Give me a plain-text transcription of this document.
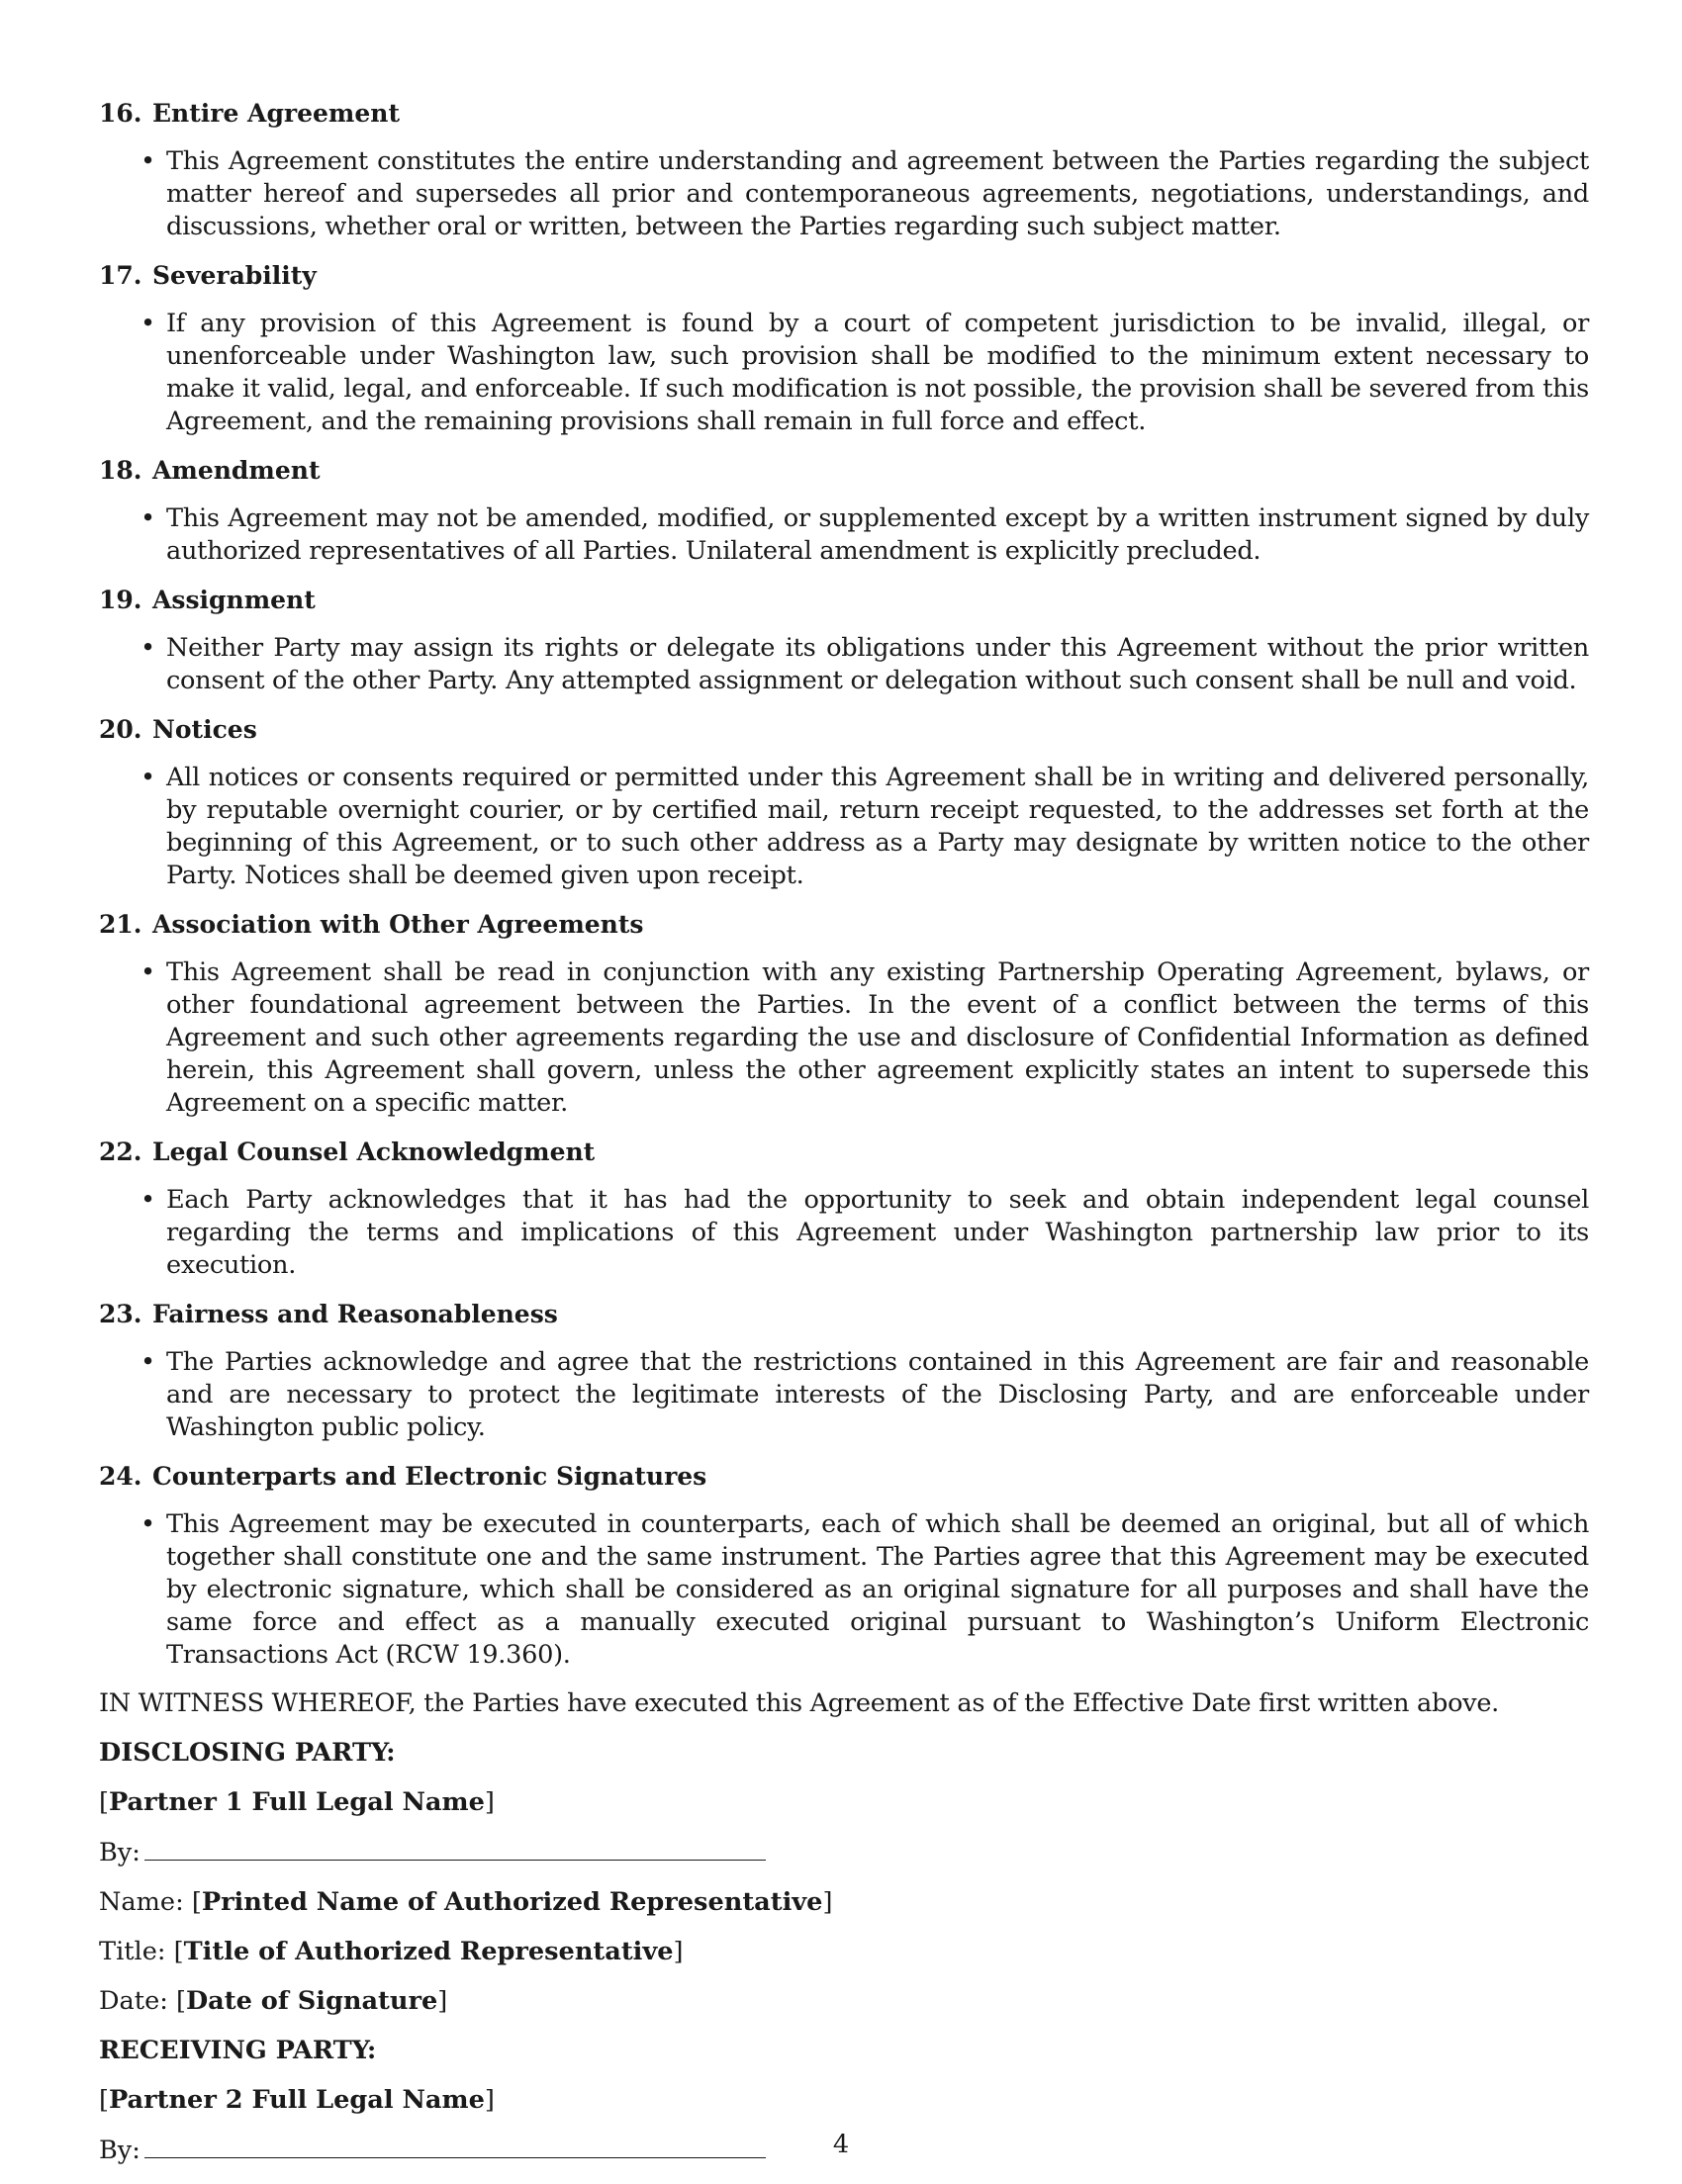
16. Entire Agreement
• This Agreement constitutes the entire understanding and agreement between the Parties regarding the subject matter hereof and supersedes all prior and contemporaneous agreements, negotiations, understandings, and discussions, whether oral or written, between the Parties regarding such subject matter.
17. Severability
• If any provision of this Agreement is found by a court of competent jurisdiction to be invalid, illegal, or unenforceable under Washington law, such provision shall be modified to the minimum extent necessary to make it valid, legal, and enforceable. If such modification is not possible, the provision shall be severed from this Agreement, and the remaining provisions shall remain in full force and effect.
18. Amendment
• This Agreement may not be amended, modified, or supplemented except by a written instrument signed by duly authorized representatives of all Parties. Unilateral amendment is explicitly precluded.
19. Assignment
• Neither Party may assign its rights or delegate its obligations under this Agreement without the prior written consent of the other Party. Any attempted assignment or delegation without such consent shall be null and void.
20. Notices
• All notices or consents required or permitted under this Agreement shall be in writing and delivered personally, by reputable overnight courier, or by certified mail, return receipt requested, to the addresses set forth at the beginning of this Agreement, or to such other address as a Party may designate by written notice to the other Party. Notices shall be deemed given upon receipt.
21. Association with Other Agreements
• This Agreement shall be read in conjunction with any existing Partnership Operating Agreement, bylaws, or other foundational agreement between the Parties. In the event of a conflict between the terms of this Agreement and such other agreements regarding the use and disclosure of Confidential Information as defined herein, this Agreement shall govern, unless the other agreement explicitly states an intent to supersede this Agreement on a specific matter.
22. Legal Counsel Acknowledgment
• Each Party acknowledges that it has had the opportunity to seek and obtain independent legal counsel regarding the terms and implications of this Agreement under Washington partnership law prior to its execution.
23. Fairness and Reasonableness
• The Parties acknowledge and agree that the restrictions contained in this Agreement are fair and reasonable and are necessary to protect the legitimate interests of the Disclosing Party, and are enforceable under Washington public policy.
24. Counterparts and Electronic Signatures
• This Agreement may be executed in counterparts, each of which shall be deemed an original, but all of which together shall constitute one and the same instrument. The Parties agree that this Agreement may be executed by electronic signature, which shall be considered as an original signature for all purposes and shall have the same force and effect as a manually executed original pursuant to Washington’s Uniform Electronic Transactions Act (RCW 19.360).

IN WITNESS WHEREOF, the Parties have executed this Agreement as of the Effective Date first written above.

DISCLOSING PARTY:

[Partner 1 Full Legal Name]

By:

Name: [Printed Name of Authorized Representative]

Title: [Title of Authorized Representative]

Date: [Date of Signature]

RECEIVING PARTY:

[Partner 2 Full Legal Name]

By:	4
